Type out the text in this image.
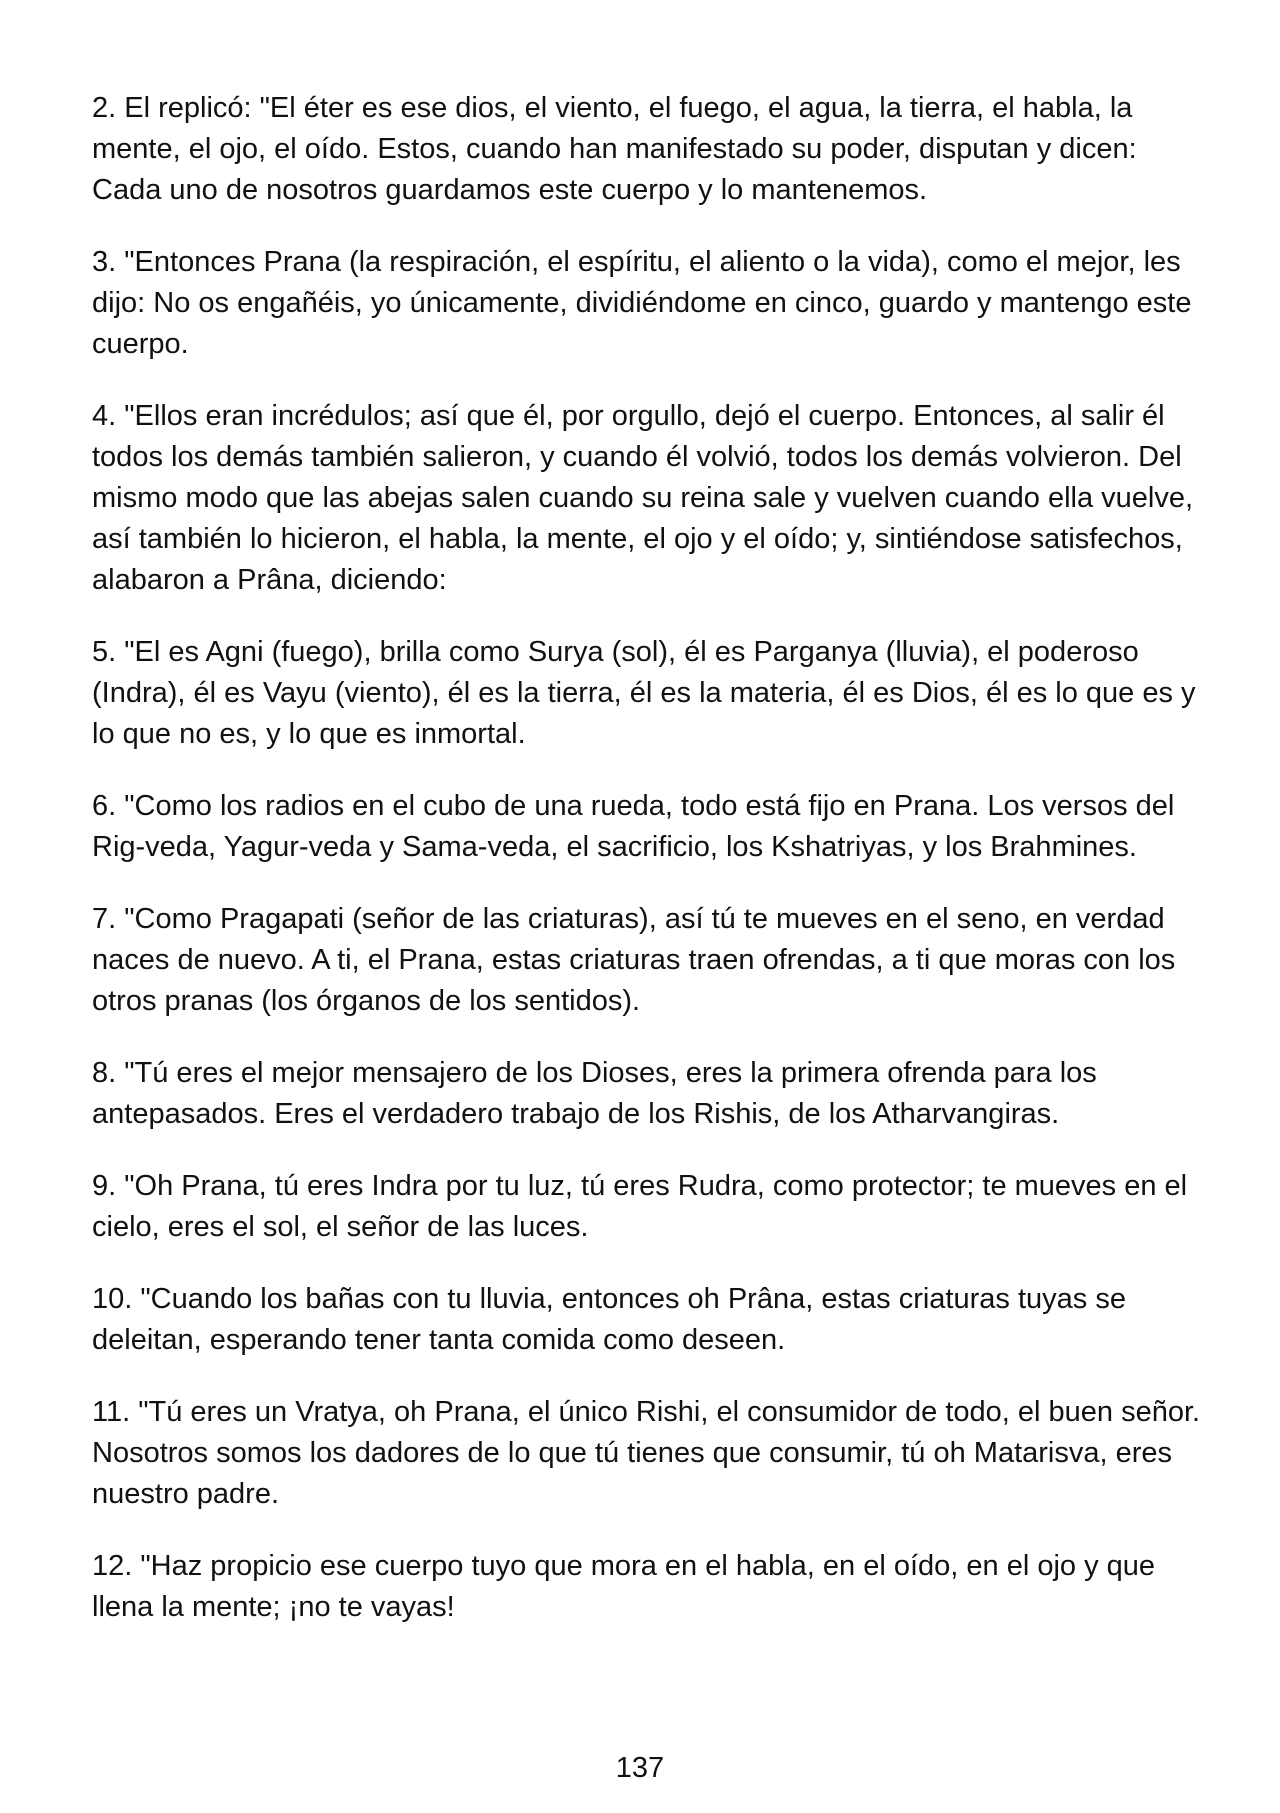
2. El replicó: "El éter es ese dios, el viento, el fuego, el agua, la tierra, el habla, la mente, el ojo, el oído. Estos, cuando han manifestado su poder, disputan y dicen: Cada uno de nosotros guardamos este cuerpo y lo mantenemos.

3. "Entonces Prana (la respiración, el espíritu, el aliento o la vida), como el mejor, les dijo: No os engañéis, yo únicamente, dividiéndome en cinco, guardo y mantengo este cuerpo.

4. "Ellos eran incrédulos; así que él, por orgullo, dejó el cuerpo. Entonces, al salir él todos los demás también salieron, y cuando él volvió, todos los demás volvieron. Del mismo modo que las abejas salen cuando su reina sale y vuelven cuando ella vuelve, así también lo hicieron, el habla, la mente, el ojo y el oído; y, sintiéndose satisfechos, alabaron a Prâna, diciendo:

5. "El es Agni (fuego), brilla como Surya (sol), él es Parganya (lluvia), el poderoso (Indra), él es Vayu (viento), él es la tierra, él es la materia, él es Dios, él es lo que es y lo que no es, y lo que es inmortal.

6. "Como los radios en el cubo de una rueda, todo está fijo en Prana. Los versos del Rig-veda, Yagur-veda y Sama-veda, el sacrificio, los Kshatriyas, y los Brahmines.

7. "Como Pragapati (señor de las criaturas), así tú te mueves en el seno, en verdad naces de nuevo. A ti, el Prana, estas criaturas traen ofrendas, a ti que moras con los otros pranas (los órganos de los sentidos).

8. "Tú eres el mejor mensajero de los Dioses, eres la primera ofrenda para los antepasados. Eres el verdadero trabajo de los Rishis, de los Atharvangiras.

9. "Oh Prana, tú eres Indra por tu luz, tú eres Rudra, como protector; te mueves en el cielo, eres el sol, el señor de las luces.

10. "Cuando los bañas con tu lluvia, entonces oh Prâna, estas criaturas tuyas se deleitan, esperando tener tanta comida como deseen.

11. "Tú eres un Vratya, oh Prana, el único Rishi, el consumidor de todo, el buen señor. Nosotros somos los dadores de lo que tú tienes que consumir, tú oh Matarisva, eres nuestro padre.

12. "Haz propicio ese cuerpo tuyo que mora en el habla, en el oído, en el ojo y que llena la mente; ¡no te vayas!

137
